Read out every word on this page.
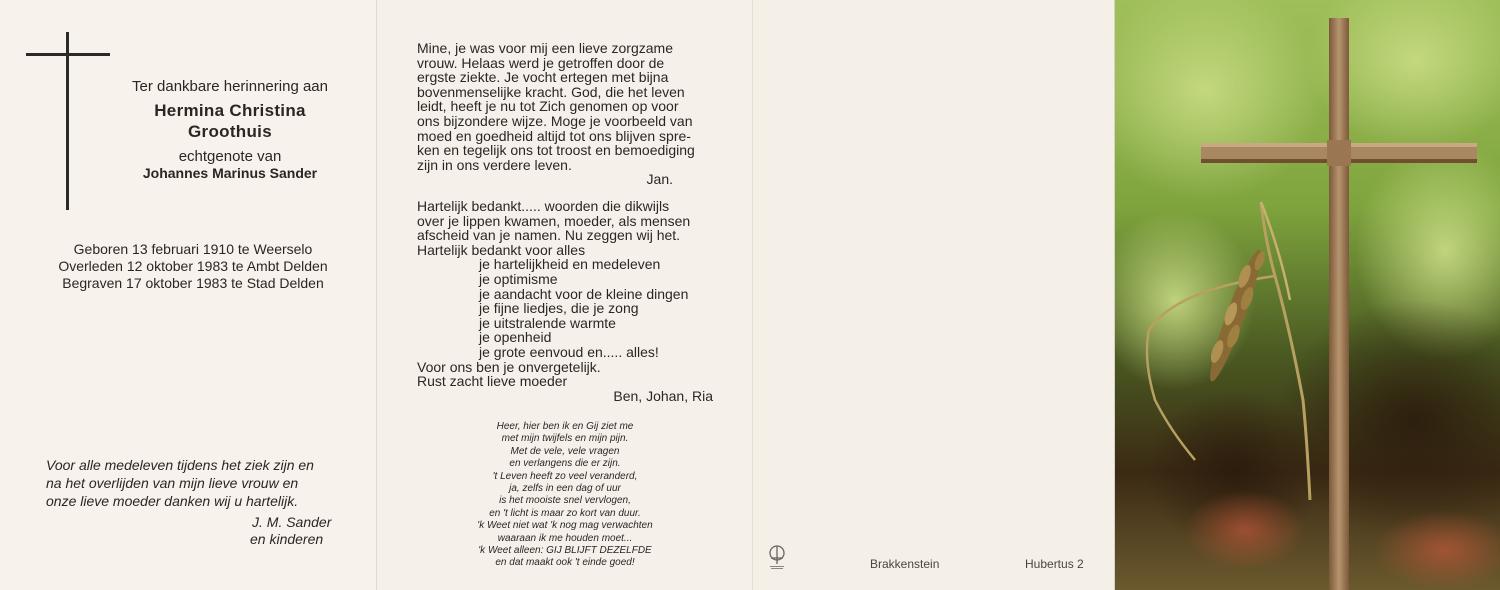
Ter dankbare herinnering aan
Hermina Christina
Groothuis
echtgenote van
Johannes Marinus Sander
Geboren 13 februari 1910 te Weerselo
Overleden 12 oktober 1983 te Ambt Delden
Begraven 17 oktober 1983 te Stad Delden
Voor alle medeleven tijdens het ziek zijn en
na het overlijden van mijn lieve vrouw en
onze lieve moeder danken wij u hartelijk.
J. M. Sander
en kinderen
Mine, je was voor mij een lieve zorgzame
vrouw. Helaas werd je getroffen door de
ergste ziekte. Je vocht ertegen met bijna
bovenmenselijke kracht. God, die het leven
leidt, heeft je nu tot Zich genomen op voor
ons bijzondere wijze. Moge je voorbeeld van
moed en goedheid altijd tot ons blijven spre-
ken en tegelijk ons tot troost en bemoediging
zijn in ons verdere leven.
Jan.
Hartelijk bedankt..... woorden die dikwijls
over je lippen kwamen, moeder, als mensen
afscheid van je namen. Nu zeggen wij het.
Hartelijk bedankt voor alles
je hartelijkheid en medeleven
je optimisme
je aandacht voor de kleine dingen
je fijne liedjes, die je zong
je uitstralende warmte
je openheid
je grote eenvoud en..... alles!
Voor ons ben je onvergetelijk.
Rust zacht lieve moeder
Ben, Johan, Ria
Heer, hier ben ik en Gij ziet me
met mijn twijfels en mijn pijn.
Met de vele, vele vragen
en verlangens die er zijn.
't Leven heeft zo veel veranderd,
ja, zelfs in een dag of uur
is het mooiste snel vervlogen,
en 't licht is maar zo kort van duur.
'k Weet niet wat 'k nog mag verwachten
waaraan ik me houden moet...
'k Weet alleen: GIJ BLIJFT DEZELFDE
en dat maakt ook 't einde goed!	Brakkenstein	Hubertus 2
